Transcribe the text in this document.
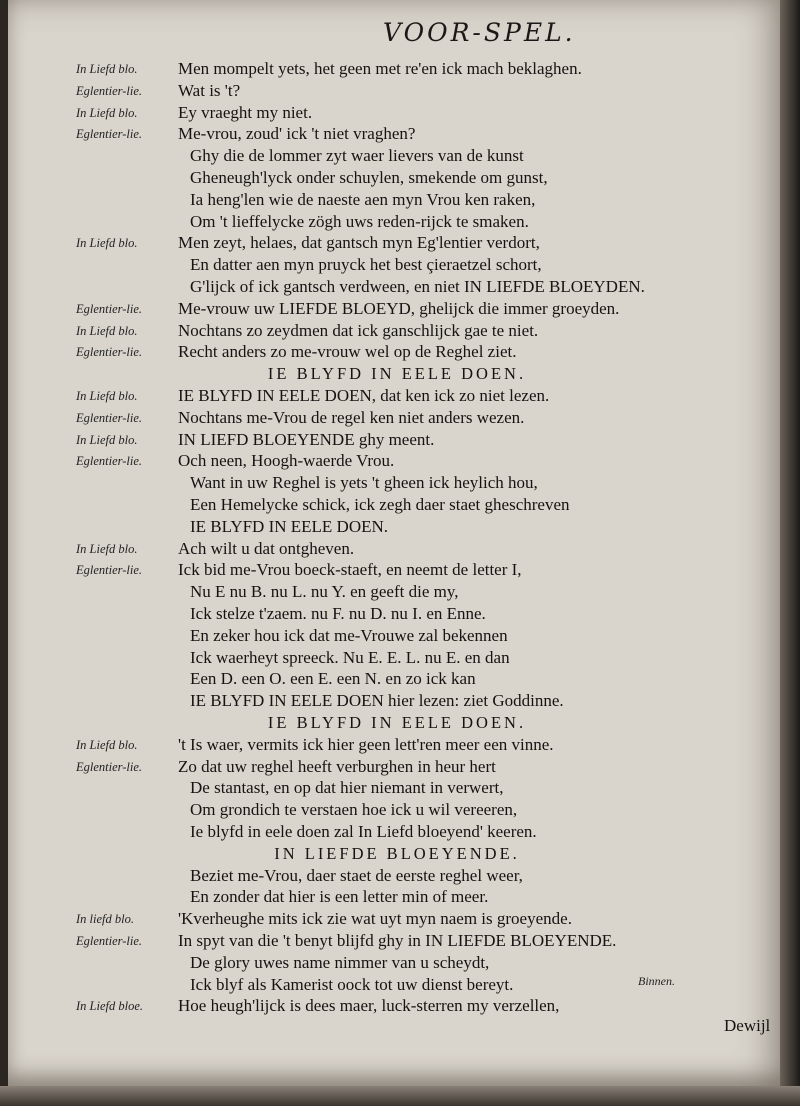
VOOR-SPEL.
In Liefd blo.	Men mompelt yets, het geen met re'en ick mach beklaghen.
Eglentier-lie.	Wat is 't?
In Liefd blo.	Ey vraeght my niet.
Eglentier-lie.	Me-vrou, zoud' ick 't niet vraghen?
Ghy die de lommer zyt waer lievers van de kunst
Gheneugh'lyck onder schuylen, smekende om gunst,
Ia heng'len wie de naeste aen myn Vrou ken raken,
Om 't lieffelycke zögh uws reden-rijck te smaken.
In Liefd blo.	Men zeyt, helaes, dat gantsch myn Eg'lentier verdort,
En datter aen myn pruyck het best çieraetzel schort,
G'lijck of ick gantsch verdween, en niet IN LIEFDE BLOEYDEN.
Eglentier-lie.	Me-vrouw uw LIEFDE BLOEYD, ghelijck die immer groeyden.
In Liefd blo.	Nochtans zo zeydmen dat ick ganschlijck gae te niet.
Eglentier-lie.	Recht anders zo me-vrouw wel op de Reghel ziet.
IE BLYFD IN EELE DOEN.
In Liefd blo.	IE BLYFD IN EELE DOEN, dat ken ick zo niet lezen.
Eglentier-lie.	Nochtans me-Vrou de regel ken niet anders wezen.
In Liefd blo.	IN LIEFD BLOEYENDE ghy meent.
Eglentier-lie.	Och neen, Hoogh-waerde Vrou.
Want in uw Reghel is yets 't gheen ick heylich hou,
Een Hemelycke schick, ick zegh daer staet gheschreven
IE BLYFD IN EELE DOEN.
In Liefd blo.	Ach wilt u dat ontgheven.
Eglentier-lie.	Ick bid me-Vrou boeck-staeft, en neemt de letter I,
Nu E nu B. nu L. nu Y. en geeft die my,
Ick stelze t'zaem. nu F. nu D. nu I. en Enne.
En zeker hou ick dat me-Vrouwe zal bekennen
Ick waerheyt spreeck. Nu E. E. L. nu E. en dan
Een D. een O. een E. een N. en zo ick kan
IE BLYFD IN EELE DOEN hier lezen: ziet Goddinne.
IE BLYFD IN EELE DOEN.
In Liefd blo.	't Is waer, vermits ick hier geen lett'ren meer een vinne.
Eglentier-lie.	Zo dat uw reghel heeft verburghen in heur hert
De stantast, en op dat hier niemant in verwert,
Om grondich te verstaen hoe ick u wil vereeren,
Ie blyfd in eele doen zal In Liefd bloeyend' keeren.
IN LIEFDE BLOEYENDE.
Beziet me-Vrou, daer staet de eerste reghel weer,
En zonder dat hier is een letter min of meer.
In liefd blo.	'Kverheughe mits ick zie wat uyt myn naem is groeyende.
Eglentier-lie.	In spyt van die 't benyt blijfd ghy in IN LIEFDE BLOEYENDE.
De glory uwes name nimmer van u scheydt,
Ick blyf als Kamerist oock tot uw dienst bereyt.
In Liefd bloe.	Hoe heugh'lijck is dees maer, luck-sterren my verzellen,
Binnen.
Dewijl
